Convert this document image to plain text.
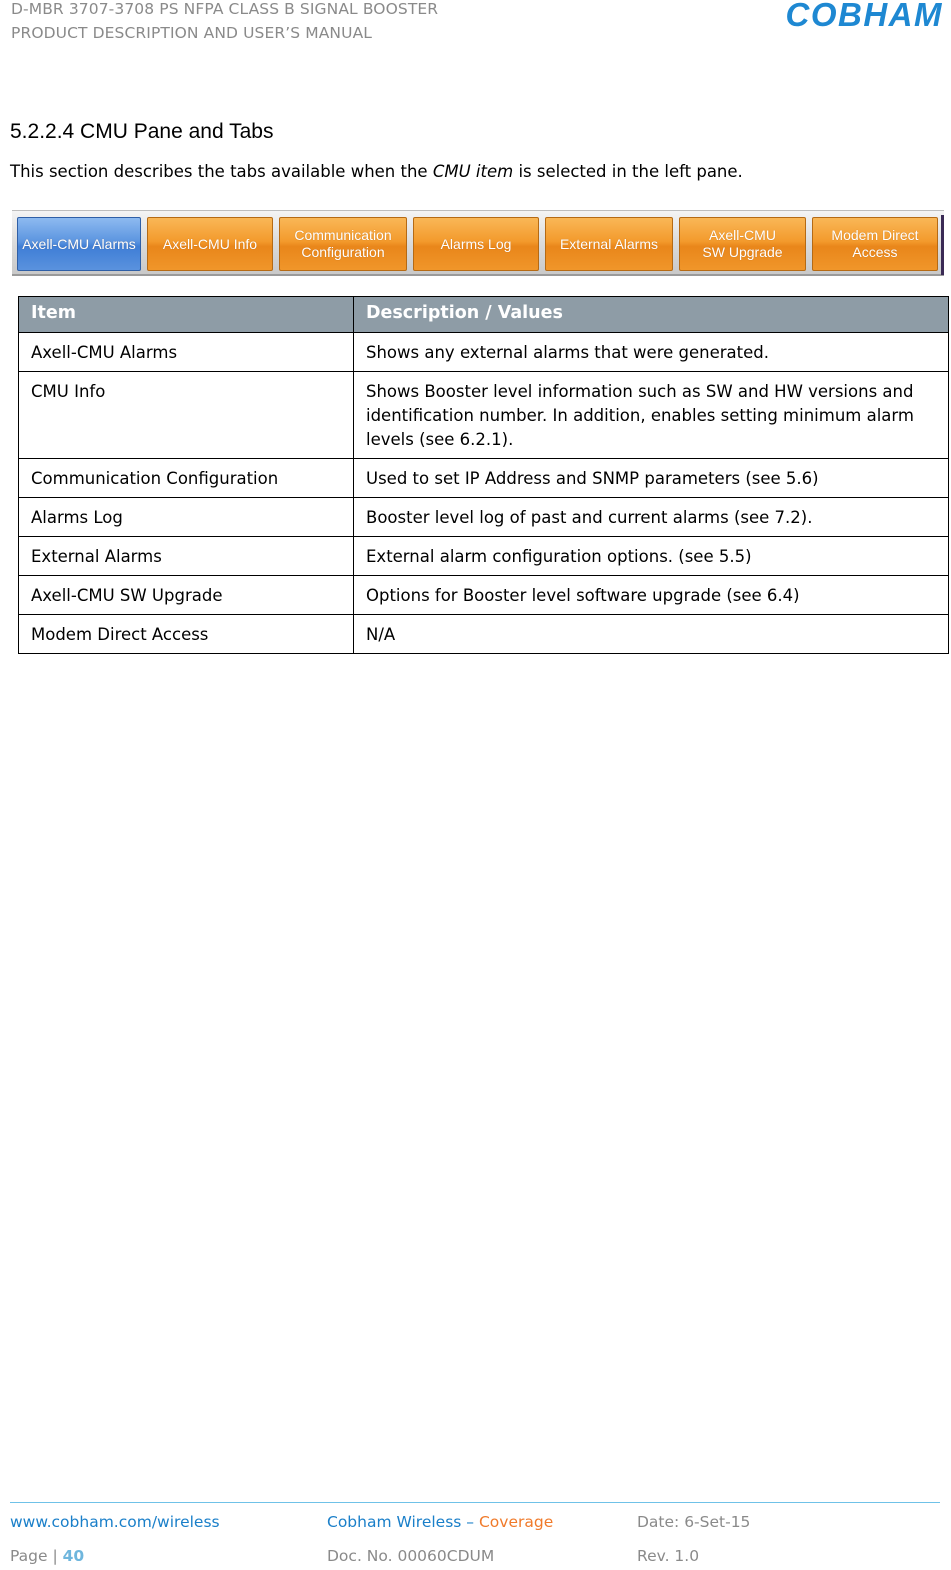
D-MBR 3707-3708 PS NFPA CLASS B SIGNAL BOOSTER
PRODUCT DESCRIPTION AND USER’S MANUAL	COBHAM
5.2.2.4 CMU Pane and Tabs
This section describes the tabs available when the CMU item is selected in the left pane.
Axell-CMU Alarms	Axell-CMU Info
Communication
Configuration
Alarms Log	External Alarms
Axell-CMU
SW Upgrade
Modem Direct
Access
Item	Description / Values
Axell-CMU Alarms	Shows any external alarms that were generated.
CMU Info	Shows Booster level information such as SW and HW versions and identification number. In addition, enables setting minimum alarm levels (see 6.2.1).
Communication Configuration	Used to set IP Address and SNMP parameters (see 5.6)
Alarms Log	Booster level log of past and current alarms (see 7.2).
External Alarms	External alarm configuration options. (see 5.5)
Axell-CMU SW Upgrade	Options for Booster level software upgrade (see 6.4)
Modem Direct Access	N/A
www.cobham.com/wireless	Cobham Wireless – Coverage	Date: 6-Set-15
Page | 40	Doc. No. 00060CDUM	Rev. 1.0
